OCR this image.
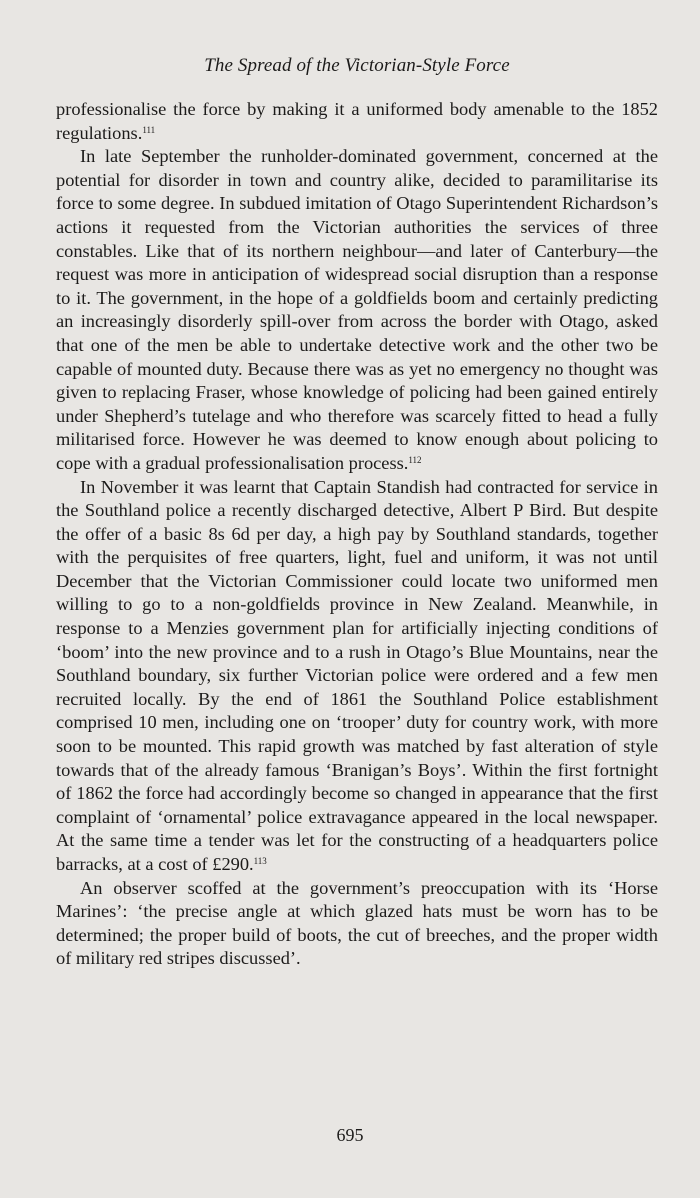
The Spread of the Victorian-Style Force

professionalise the force by making it a uniformed body amenable to the 1852 regulations.$^{111}$

In late September the runholder-dominated government, concerned at the potential for disorder in town and country alike, decided to paramilitarise its force to some degree. In subdued imitation of Otago Superintendent Richardson’s actions it requested from the Victorian authorities the services of three constables. Like that of its northern neighbour—and later of Canterbury—the request was more in anticipation of widespread social disruption than a response to it. The government, in the hope of a goldfields boom and certainly predicting an increasingly disorderly spill-over from across the border with Otago, asked that one of the men be able to undertake detective work and the other two be capable of mounted duty. Because there was as yet no emergency no thought was given to replacing Fraser, whose knowledge of policing had been gained entirely under Shepherd’s tutelage and who therefore was scarcely fitted to head a fully militarised force. However he was deemed to know enough about policing to cope with a gradual professionalisation process.$^{112}$

In November it was learnt that Captain Standish had contracted for service in the Southland police a recently discharged detective, Albert P Bird. But despite the offer of a basic 8s 6d per day, a high pay by Southland standards, together with the perquisites of free quarters, light, fuel and uniform, it was not until December that the Victorian Commissioner could locate two uniformed men willing to go to a non-goldfields province in New Zealand. Meanwhile, in response to a Menzies government plan for artificially injecting conditions of ‘boom’ into the new province and to a rush in Otago’s Blue Mountains, near the Southland boundary, six further Victorian police were ordered and a few men recruited locally. By the end of 1861 the Southland Police establishment comprised 10 men, including one on ‘trooper’ duty for country work, with more soon to be mounted. This rapid growth was matched by fast alteration of style towards that of the already famous ‘Branigan’s Boys’. Within the first fortnight of 1862 the force had accordingly become so changed in appearance that the first complaint of ‘ornamental’ police extravagance appeared in the local newspaper. At the same time a tender was let for the constructing of a headquarters police barracks, at a cost of £290.$^{113}$

An observer scoffed at the government’s preoccupation with its ‘Horse Marines’: ‘the precise angle at which glazed hats must be worn has to be determined; the proper build of boots, the cut of breeches, and the proper width of military red stripes discussed’.

695
